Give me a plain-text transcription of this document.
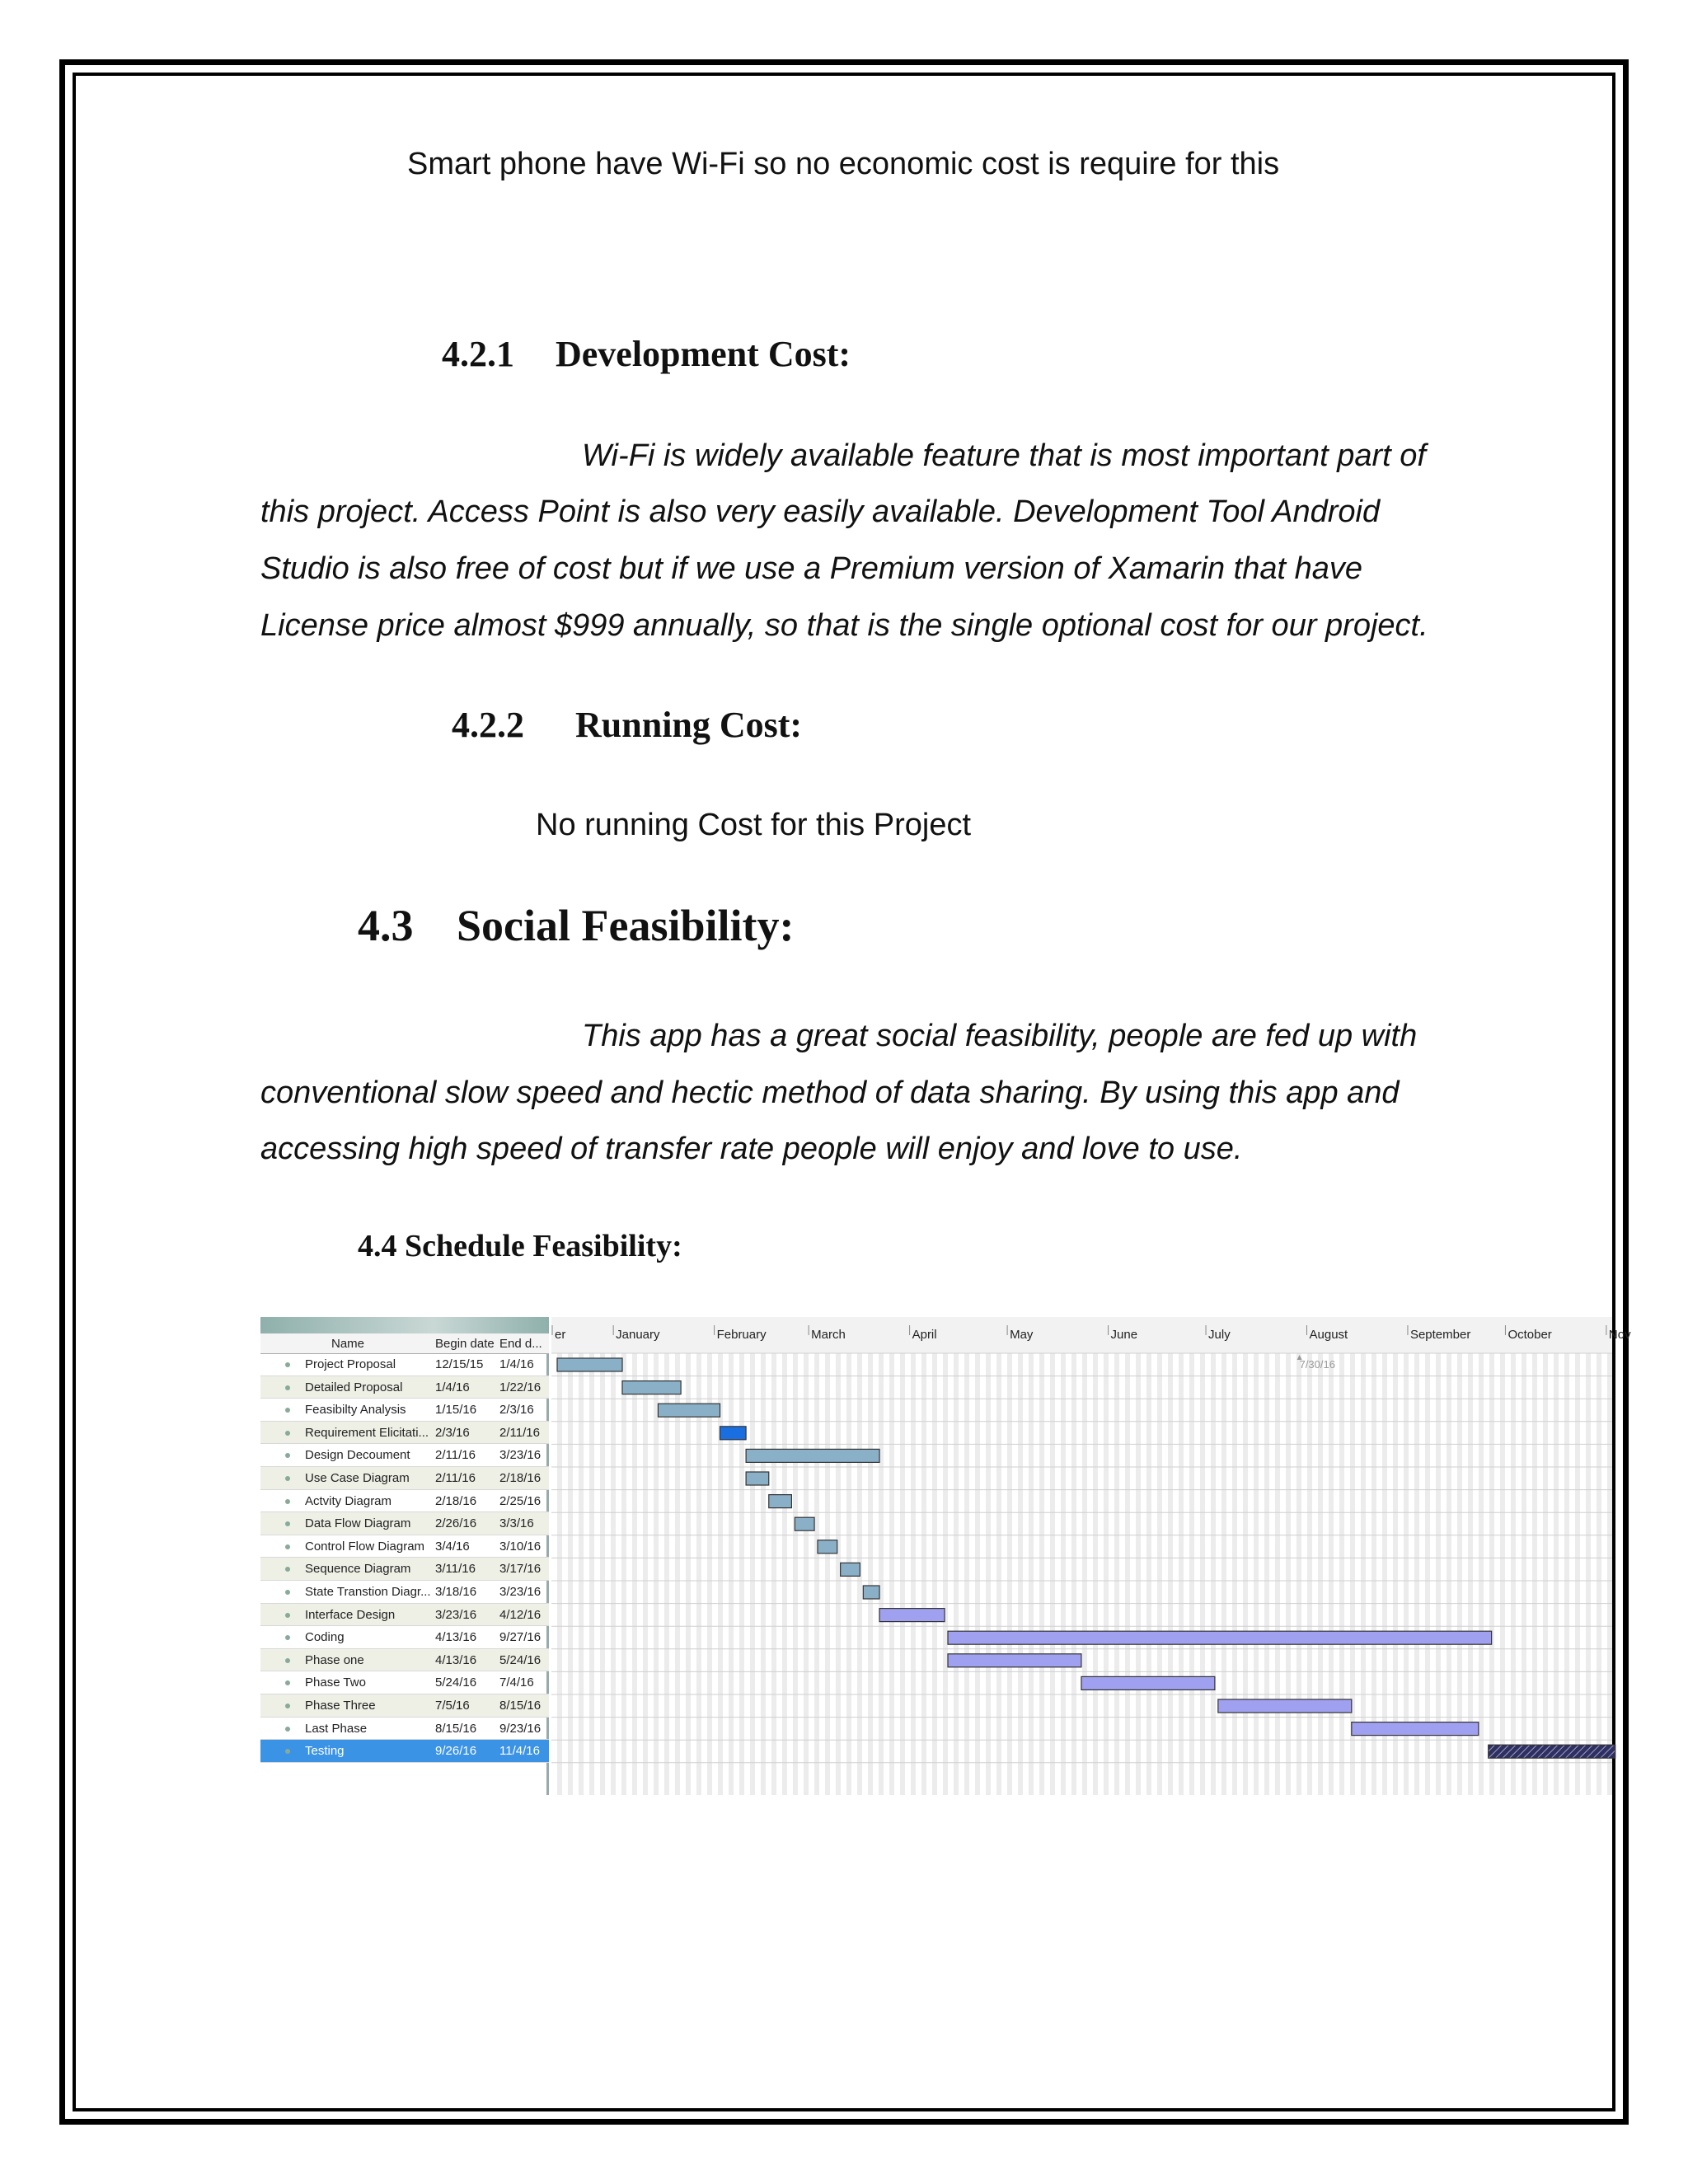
Smart phone have Wi-Fi so no economic cost is require for this
4.2.1 Development Cost:
Wi-Fi is widely available feature that is most important part of
this project. Access Point is also very easily available. Development Tool Android
Studio is also free of cost but if we use a Premium version of Xamarin that have
License price almost $999 annually, so that is the single optional cost for our project.
4.2.2 Running Cost:
No running Cost for this Project
4.3 Social Feasibility:
This app has a great social feasibility, people are fed up with
conventional slow speed and hectic method of data sharing. By using this app and
accessing high speed of transfer rate people will enjoy and love to use.
4.4 Schedule Feasibility:
Name	Begin date End d...
Project Proposal	12/15/15 1/4/16
Detailed Proposal	1/4/16 1/22/16
Feasibilty Analysis 1/15/16 2/3/16
Requirement Elicitati... 2/3/16 2/11/16
Design Decoument 2/11/16 3/23/16
Use Case Diagram 2/11/16 2/18/16
Actvity Diagram	2/18/16 2/25/16
Data Flow Diagram 2/26/16 3/3/16
Control Flow Diagram 3/4/16 3/10/16
Sequence Diagram 3/11/16 3/17/16
State Transtion Diagr... 3/18/16 3/23/16
Interface Design	3/23/16 4/12/16
Coding	4/13/16 9/27/16
Phase one	4/13/16 5/24/16
Phase Two	5/24/16 7/4/16
Phase Three	7/5/16 8/15/16
Last Phase	8/15/16 9/23/16
Testing	9/26/16 11/4/16
er	January	February	March	April	May	June	July	August	September	October	Nov
7/30/16
